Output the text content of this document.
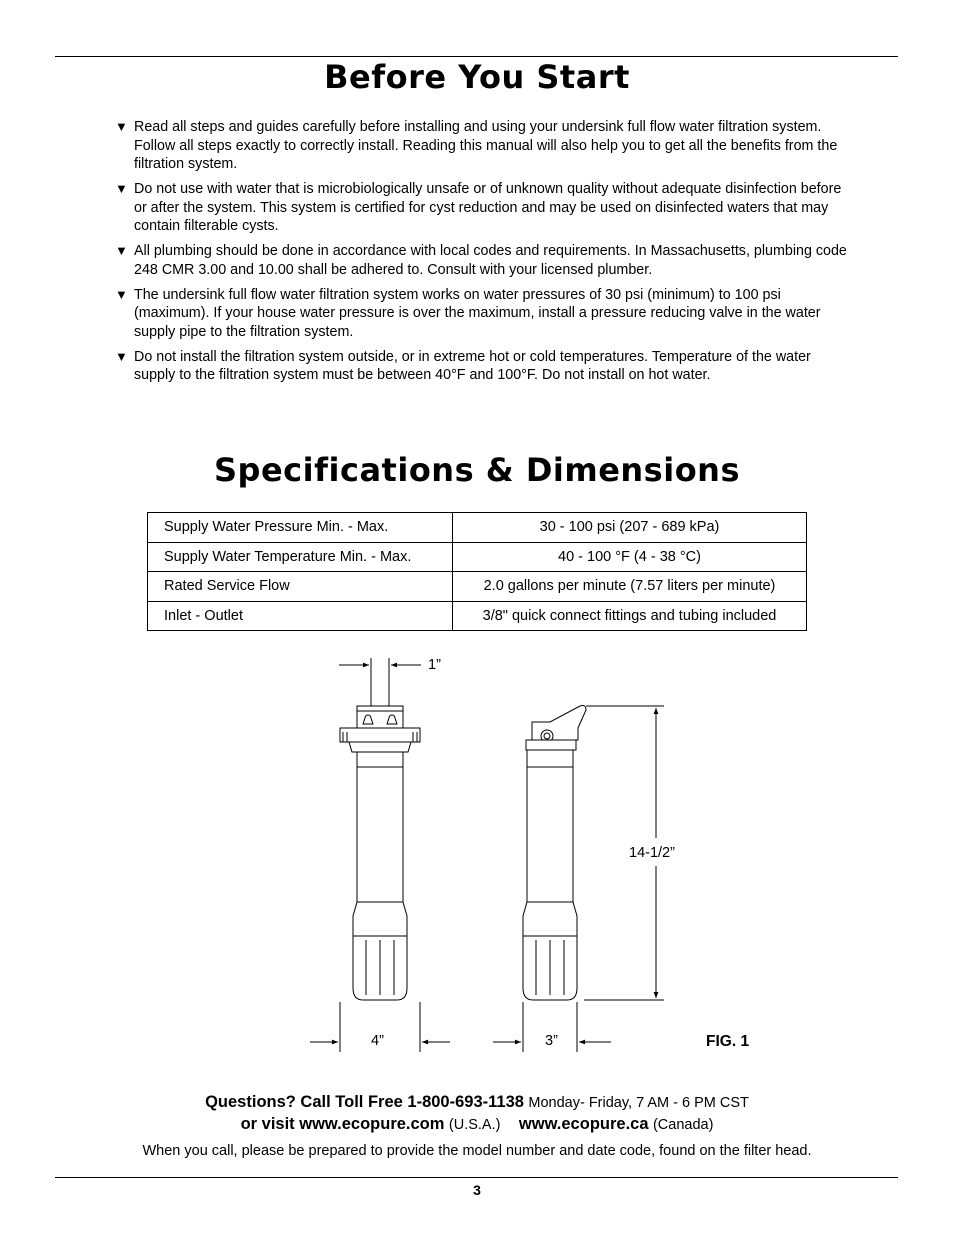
Before You Start
▼ Read all steps and guides carefully before installing and using your undersink full flow water filtration system. Follow all steps exactly to correctly install. Reading this manual will also help you to get all the benefits from the filtration system.
▼ Do not use with water that is microbiologically unsafe or of unknown quality without adequate disinfection before or after the system. This system is certified for cyst reduction and may be used on disinfected waters that may contain filterable cysts.
▼ All plumbing should be done in accordance with local codes and requirements. In Massachusetts, plumbing code 248 CMR 3.00 and 10.00 shall be adhered to. Consult with your licensed plumber.
▼ The undersink full flow water filtration system works on water pressures of 30 psi (minimum) to 100 psi (maximum). If your house water pressure is over the maximum, install a pressure reducing valve in the water supply pipe to the filtration system.
▼ Do not install the filtration system outside, or in extreme hot or cold temperatures. Temperature of the water supply to the filtration system must be between 40°F and 100°F. Do not install on hot water.
Specifications & Dimensions
Supply Water Pressure Min. - Max.	30 - 100 psi (207 - 689 kPa)
Supply Water Temperature Min. - Max.	40 - 100 °F (4 - 38 °C)
Rated Service Flow	2.0 gallons per minute (7.57 liters per minute)
Inlet - Outlet	3/8" quick connect fittings and tubing included
1”
14-1/2”
4”	3”	FIG. 1
Questions? Call Toll Free 1-800-693-1138 Monday- Friday, 7 AM - 6 PM CST
or visit www.ecopure.com (U.S.A.) www.ecopure.ca (Canada)
When you call, please be prepared to provide the model number and date code, found on the filter head.
3
